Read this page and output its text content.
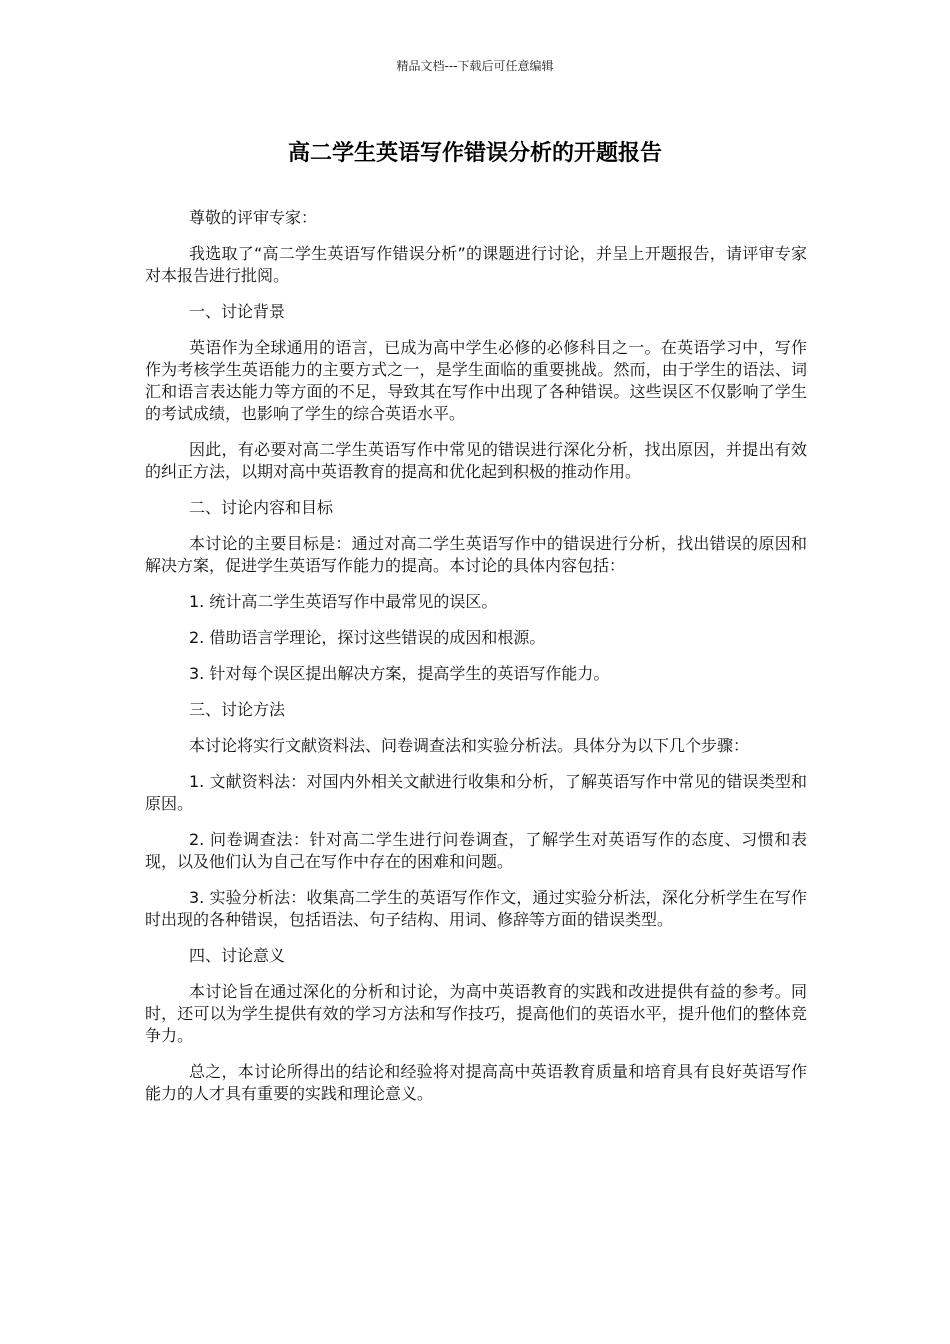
精品文档---下载后可任意编辑
高二学生英语写作错误分析的开题报告

尊敬的评审专家：

我选取了“高二学生英语写作错误分析”的课题进行讨论，并呈上开题报告，请评审专家对本报告进行批阅。

一、讨论背景

英语作为全球通用的语言，已成为高中学生必修的必修科目之一。在英语学习中，写作作为考核学生英语能力的主要方式之一，是学生面临的重要挑战。然而，由于学生的语法、词汇和语言表达能力等方面的不足，导致其在写作中出现了各种错误。这些误区不仅影响了学生的考试成绩，也影响了学生的综合英语水平。

因此，有必要对高二学生英语写作中常见的错误进行深化分析，找出原因，并提出有效的纠正方法，以期对高中英语教育的提高和优化起到积极的推动作用。

二、讨论内容和目标

本讨论的主要目标是：通过对高二学生英语写作中的错误进行分析，找出错误的原因和解决方案，促进学生英语写作能力的提高。本讨论的具体内容包括：

1. 统计高二学生英语写作中最常见的误区。

2. 借助语言学理论，探讨这些错误的成因和根源。

3. 针对每个误区提出解决方案，提高学生的英语写作能力。

三、讨论方法

本讨论将实行文献资料法、问卷调查法和实验分析法。具体分为以下几个步骤：

1. 文献资料法：对国内外相关文献进行收集和分析，了解英语写作中常见的错误类型和原因。

2. 问卷调查法：针对高二学生进行问卷调查，了解学生对英语写作的态度、习惯和表现，以及他们认为自己在写作中存在的困难和问题。

3. 实验分析法：收集高二学生的英语写作作文，通过实验分析法，深化分析学生在写作时出现的各种错误，包括语法、句子结构、用词、修辞等方面的错误类型。

四、讨论意义

本讨论旨在通过深化的分析和讨论，为高中英语教育的实践和改进提供有益的参考。同时，还可以为学生提供有效的学习方法和写作技巧，提高他们的英语水平，提升他们的整体竞争力。

总之，本讨论所得出的结论和经验将对提高高中英语教育质量和培育具有良好英语写作能力的人才具有重要的实践和理论意义。
